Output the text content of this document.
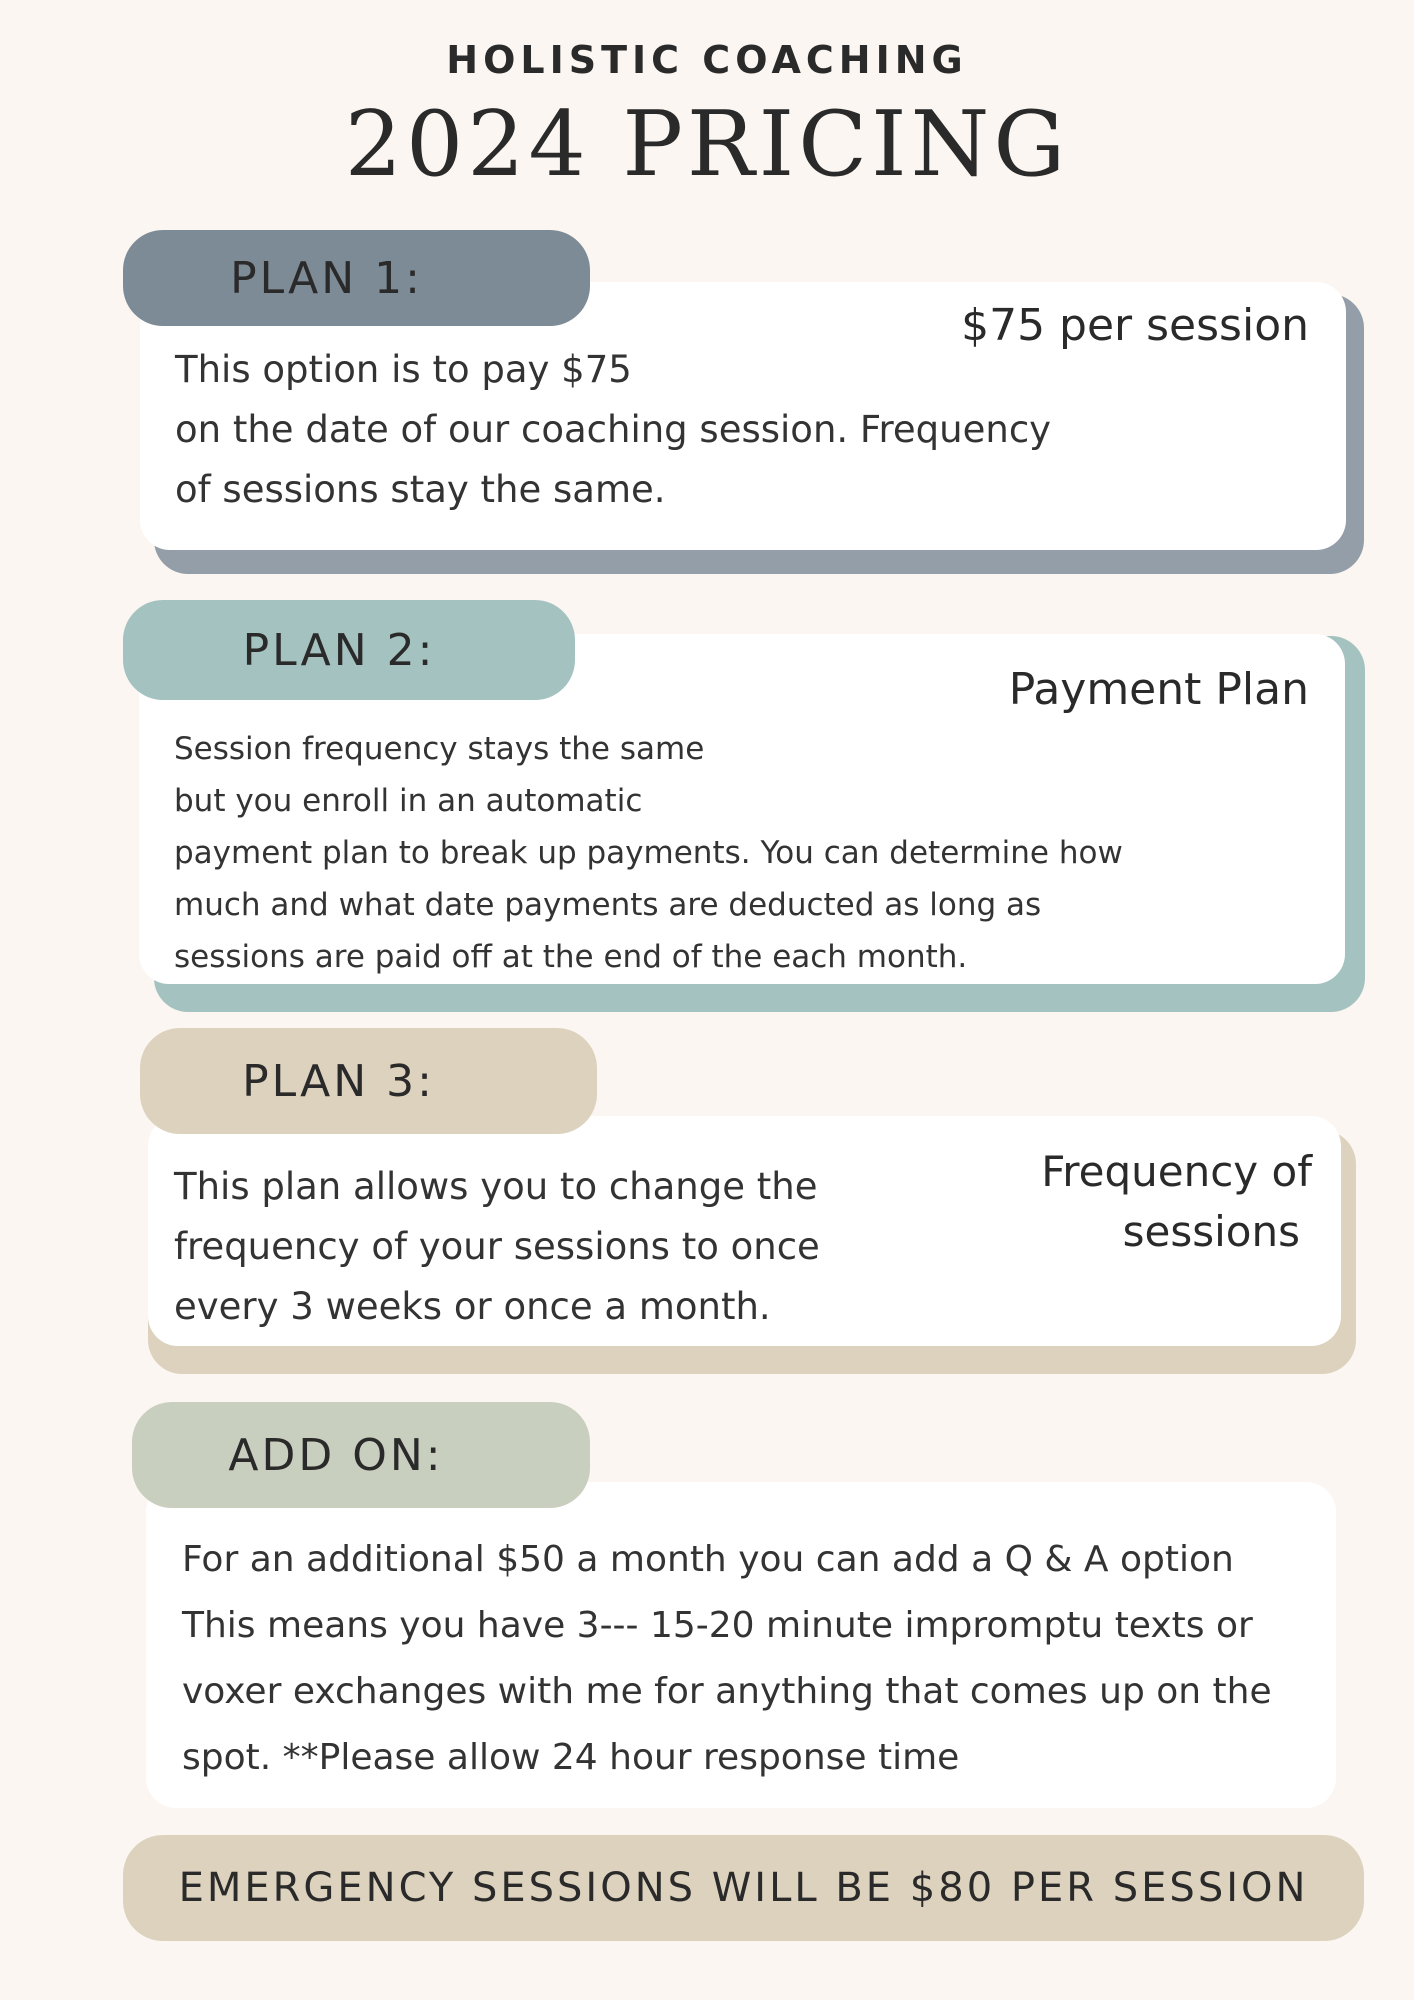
HOLISTIC COACHING
2024 PRICING
PLAN 1:
$75 per session
This option is to pay $75
on the date of our coaching session. Frequency
of sessions stay the same.
PLAN 2:
Payment Plan
Session frequency stays the same
but you enroll in an automatic
payment plan to break up payments. You can determine how
much and what date payments are deducted as long as
sessions are paid off at the end of the each month.
PLAN 3:
Frequency of
sessions
This plan allows you to change the
frequency of your sessions to once
every 3 weeks or once a month.
ADD ON:
For an additional $50 a month you can add a Q & A option
This means you have 3--- 15-20 minute impromptu texts or
voxer exchanges with me for anything that comes up on the
spot. **Please allow 24 hour response time
EMERGENCY SESSIONS WILL BE $80 PER SESSION
